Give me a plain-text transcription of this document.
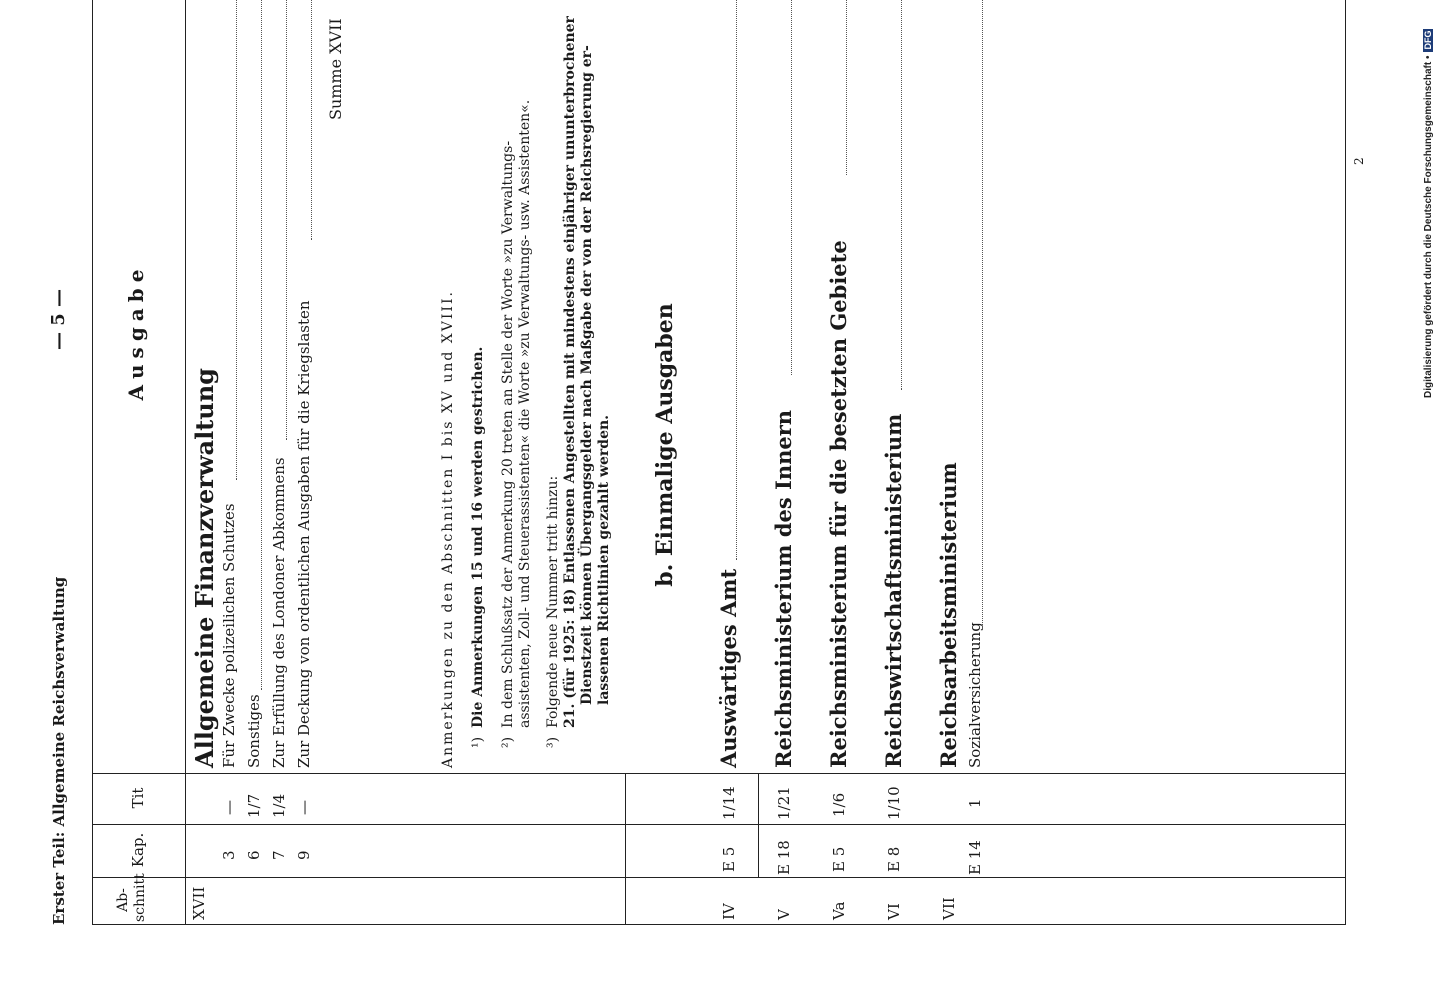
Erster Teil: Allgemeine Reichsverwaltung
— 5 —
Ab-
schnitt
Kap.
Tit
Ausgabe
XVII
Allgemeine Finanzverwaltung
3
—
Für Zwecke polizeilichen Schutzes
6
1/7
Sonstiges
7
1/4
Zur Erfüllung des Londoner Abkommens
9
—
Zur Deckung von ordentlichen Ausgaben für die Kriegslasten
Summe XVII
Anmerkungen zu den Abschnitten I bis XV und XVIII. ¹)
Die Anmerkungen 15 und 16 werden gestrichen.
²)
In dem Schlußsatz der Anmerkung 20 treten an Stelle der Worte »zu Verwaltungs- assistenten, Zoll- und Steuerassistenten« die Worte »zu Verwaltungs- usw. Assistenten«.
³)
Folgende neue Nummer tritt hinzu: 21. (für 1925: 18) Entlassenen Angestellten mit mindestens einjähriger ununterbrochener Dienstzeit können Übergangsgelder nach Maßgabe der von der Reichsregierung er- lassenen Richtlinien gezahlt werden. b. Einmalige Ausgaben
IV
E 5
1/14
Auswärtiges Amt
V
E 18
1/21
Reichsministerium des Innern
Va
E 5
1/6
Reichsministerium für die besetzten Gebiete
VI
E 8
1/10
Reichswirtschaftsministerium
VII
Reichsarbeitsministerium
E 14
1
Sozialversicherung
2	Digitalisierung gefördert durch die Deutsche Forschungsgemeinschaft •
DFG
